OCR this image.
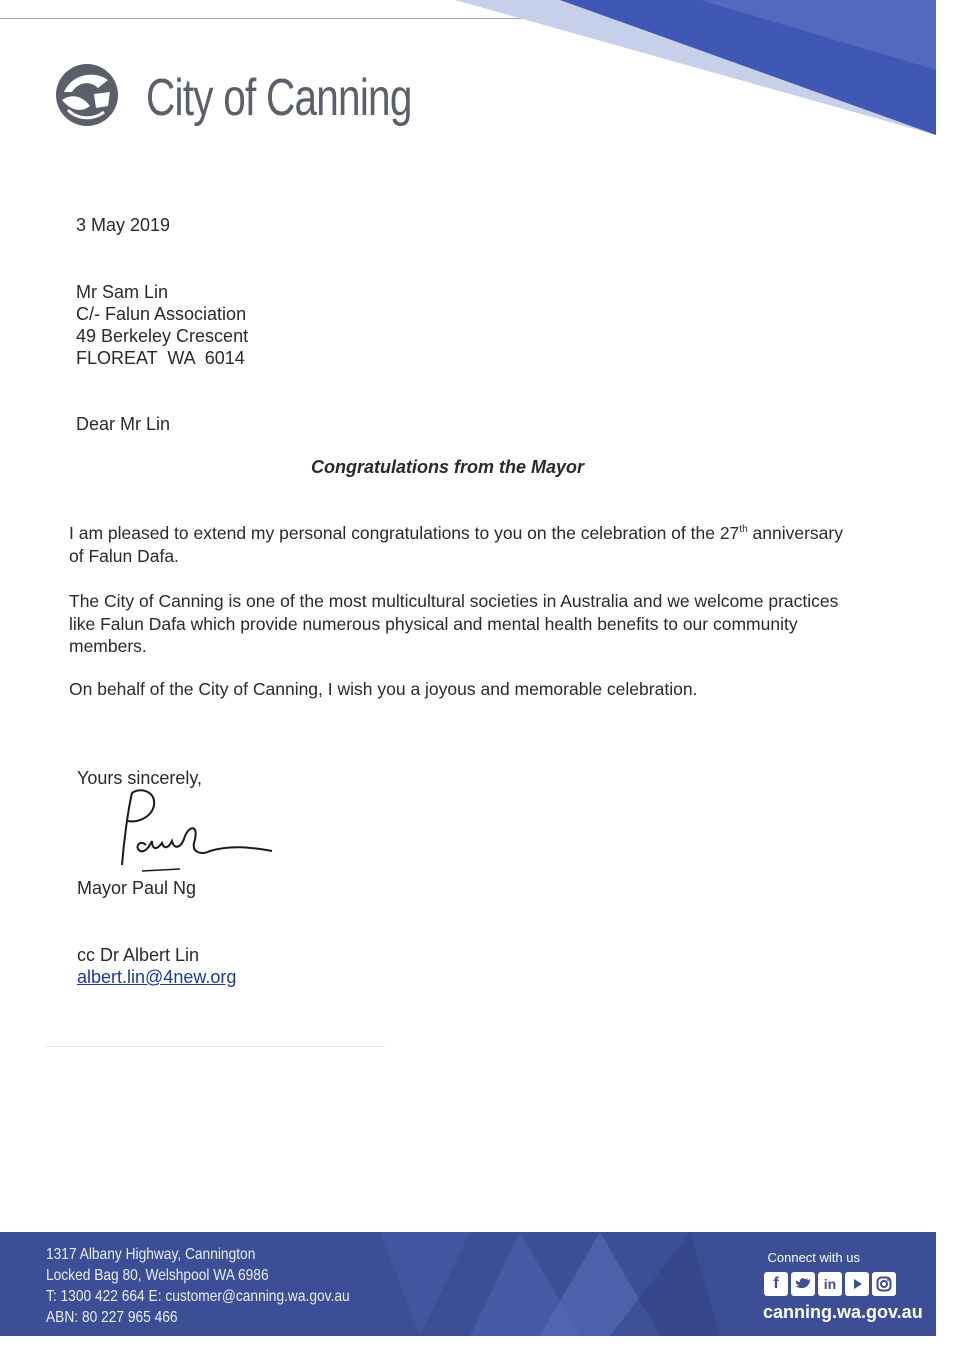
City of Canning
3 May 2019
Mr Sam Lin
C/- Falun Association
49 Berkeley Crescent
FLOREAT  WA  6014
Dear Mr Lin
Congratulations from the Mayor
I am pleased to extend my personal congratulations to you on the celebration of the 27th anniversary of Falun Dafa.
The City of Canning is one of the most multicultural societies in Australia and we welcome practices like Falun Dafa which provide numerous physical and mental health benefits to our community members.
On behalf of the City of Canning, I wish you a joyous and memorable celebration.
Yours sincerely,
Mayor Paul Ng
cc Dr Albert Lin
albert.lin@4new.org
1317 Albany Highway, Cannington
Locked Bag 80, Welshpool WA 6986
T: 1300 422 664 E: customer@canning.wa.gov.au
ABN: 80 227 965 466
Connect with us
f	in
canning.wa.gov.au
